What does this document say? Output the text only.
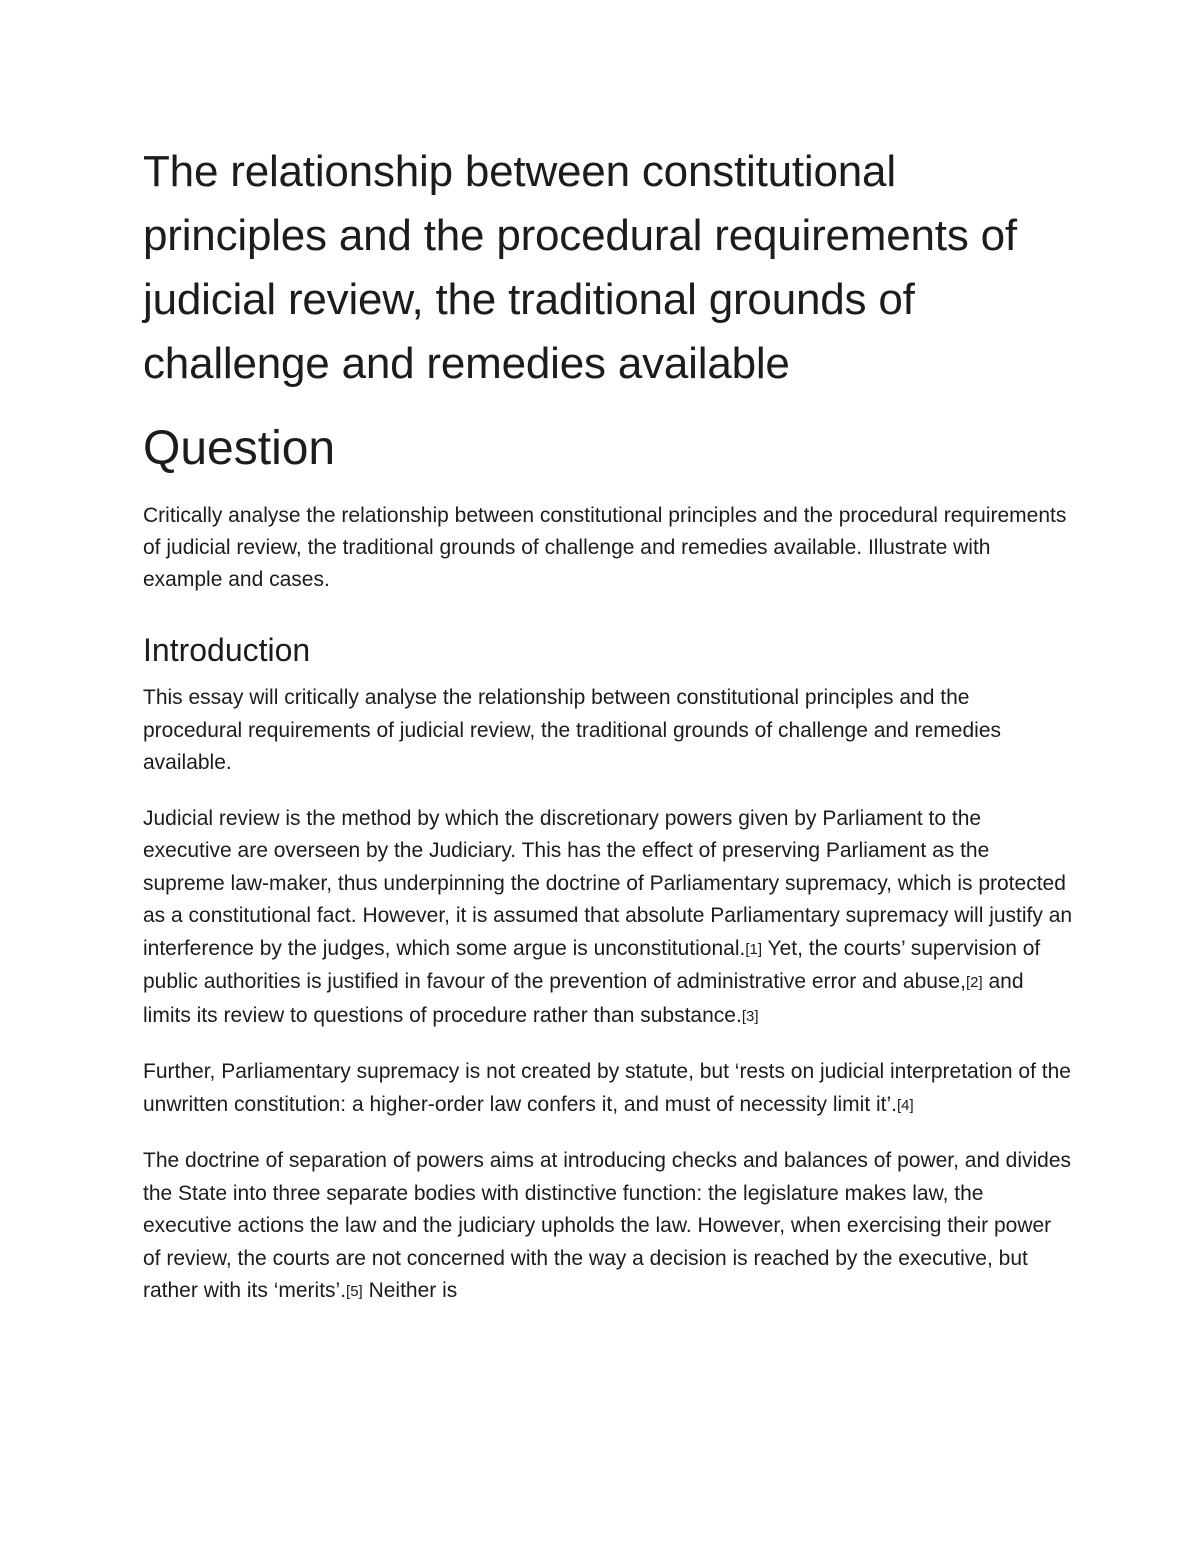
The relationship between constitutional principles and the procedural requirements of judicial review, the traditional grounds of challenge and remedies available
Question

Critically analyse the relationship between constitutional principles and the procedural requirements of judicial review, the traditional grounds of challenge and remedies available. Illustrate with example and cases.

Introduction

This essay will critically analyse the relationship between constitutional principles and the procedural requirements of judicial review, the traditional grounds of challenge and remedies available.

Judicial review is the method by which the discretionary powers given by Parliament to the executive are overseen by the Judiciary. This has the effect of preserving Parliament as the supreme law-maker, thus underpinning the doctrine of Parliamentary supremacy, which is protected as a constitutional fact. However, it is assumed that absolute Parliamentary supremacy will justify an interference by the judges, which some argue is unconstitutional.[1] Yet, the courts’ supervision of public authorities is justified in favour of the prevention of administrative error and abuse,[2] and limits its review to questions of procedure rather than substance.[3]

Further, Parliamentary supremacy is not created by statute, but ‘rests on judicial interpretation of the unwritten constitution: a higher-order law confers it, and must of necessity limit it’.[4]

The doctrine of separation of powers aims at introducing checks and balances of power, and divides the State into three separate bodies with distinctive function: the legislature makes law, the executive actions the law and the judiciary upholds the law. However, when exercising their power of review, the courts are not concerned with the way a decision is reached by the executive, but rather with its ‘merits’.[5] Neither is
